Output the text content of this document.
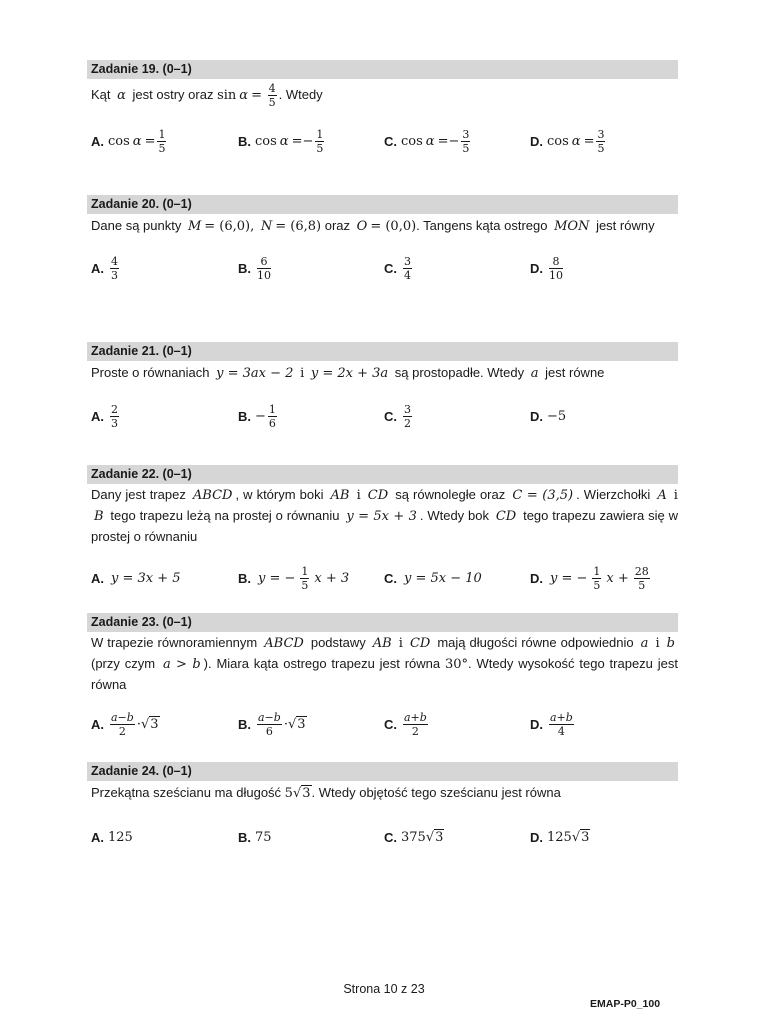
Zadanie 19. (0–1)
Kąt α jest ostry oraz $\sin \alpha = \frac{4}{5}$ . Wtedy
A. $\cos \alpha = \frac{1}{5}$	B. cos α = − $\frac{1}{5}$	C. cos α = − $\frac{3}{5}$	D. $\cos \alpha = \frac{3}{5}$
Zadanie 20. (0–1)
Dane są punkty M = (6,0), N = (6,8) oraz O = (0,0). Tangens kąta ostrego MON jest równy
A. $\frac{4}{3}$	B. $\frac{6}{10}$	C. $\frac{3}{4}$	D. $\frac{8}{10}$
Zadanie 21. (0–1)
Proste o równaniach y = 3ax − 2 i y = 2x + 3a są prostopadłe. Wtedy a jest równe
A. $\frac{2}{3}$	B. − $\frac{1}{6}$	C. $\frac{3}{2}$	D. −5
Zadanie 22. (0–1)
Dany jest trapez ABCD , w którym boki AB i CD są równoległe oraz C = (3,5) . Wierzchołki A i B tego trapezu leżą na prostej o równaniu y = 5x + 3 . Wtedy bok CD tego trapezu zawiera się w prostej o równaniu
A. y = 3x + 5	B. y = − $\frac{1}{5}$ x + 3	C. y = 5x − 10	D. y = − $\frac{1}{5}$ $x + \frac{28}{5}$
Zadanie 23. (0–1)
W trapezie równoramiennym ABCD podstawy AB i CD mają długości równe odpowiednio a i b (przy czym a > b ). Miara kąta ostrego trapezu jest równa 30°. Wtedy wysokość tego trapezu jest równa
A. $\frac{a-b}{2} \cdot √3$	B. $\frac{a-b}{6} \cdot √3$	C. $\frac{a+b}{2}$	D. $\frac{a+b}{4}$
Zadanie 24. (0–1)
Przekątna sześcianu ma długość 5√3. Wtedy objętość tego sześcianu jest równa
A. 125	B. 75	C. 375 √3	D. 125 √3
Strona 10 z 23
EMAP-P0_100
